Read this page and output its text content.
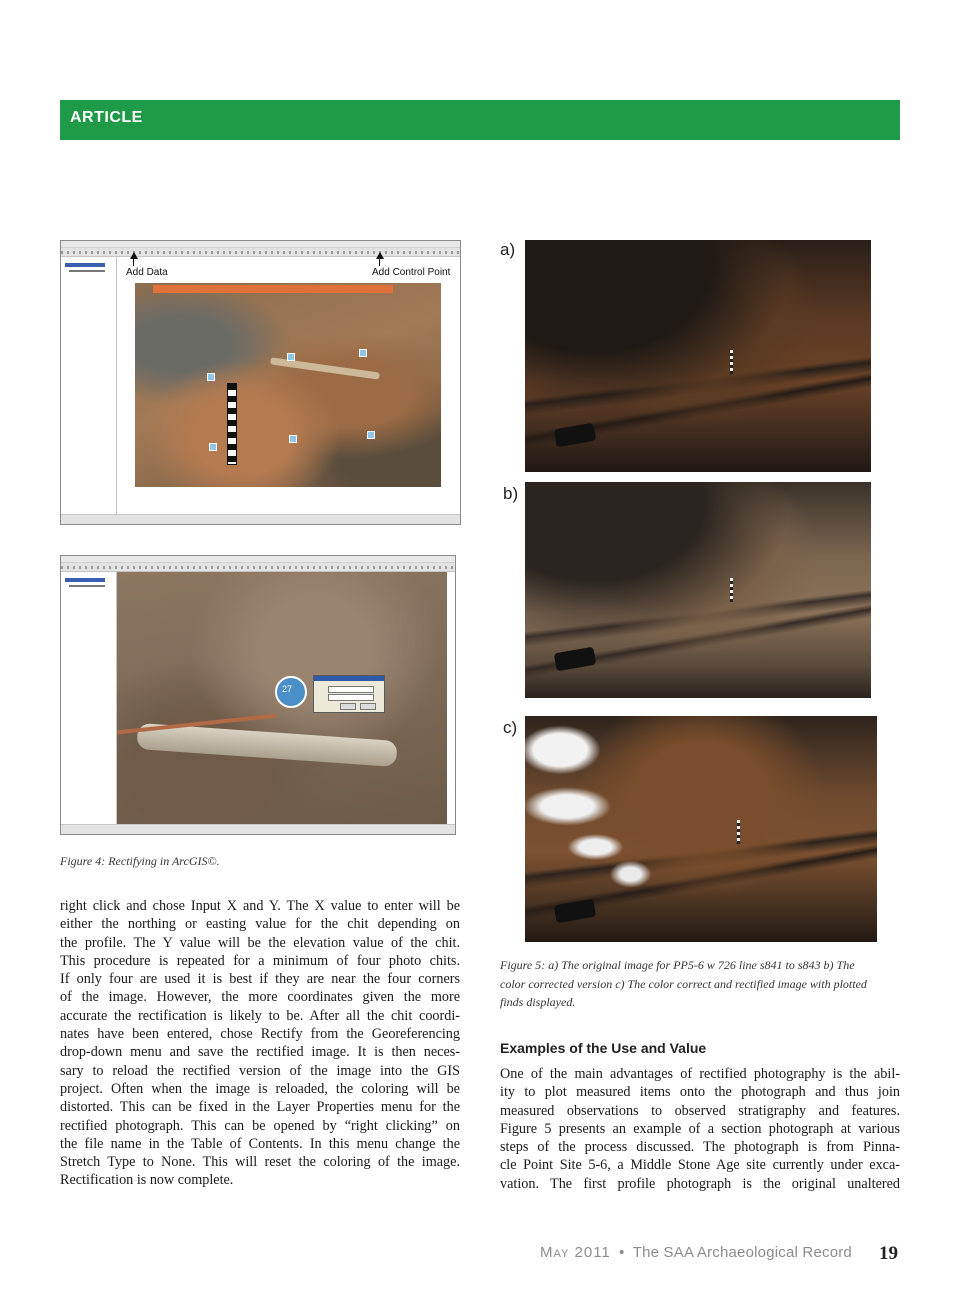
ARTICLE
Add Data	Add Control Point
27
Figure 4: Rectifying in ArcGIS©.
a)
b)
c)
Figure 5: a) The original image for PP5-6 w 726 line s841 to s843 b) The
color corrected version c) The color correct and rectified image with plotted
finds displayed.
right click and chose Input X and Y. The X value to enter will be
either the northing or easting value for the chit depending on
the profile. The Y value will be the elevation value of the chit.
This procedure is repeated for a minimum of four photo chits.
If only four are used it is best if they are near the four corners
of the image. However, the more coordinates given the more
accurate the rectification is likely to be. After all the chit coordi-
nates have been entered, chose Rectify from the Georeferencing
drop-down menu and save the rectified image. It is then neces-
sary to reload the rectified version of the image into the GIS
project. Often when the image is reloaded, the coloring will be
distorted. This can be fixed in the Layer Properties menu for the
rectified photograph. This can be opened by “right clicking” on
the file name in the Table of Contents. In this menu change the
Stretch Type to None. This will reset the coloring of the image.
Rectification is now complete.
Examples of the Use and Value
One of the main advantages of rectified photography is the abil-
ity to plot measured items onto the photograph and thus join
measured observations to observed stratigraphy and features.
Figure 5 presents an example of a section photograph at various
steps of the process discussed. The photograph is from Pinna-
cle Point Site 5-6, a Middle Stone Age site currently under exca-
vation. The first profile photograph is the original unaltered
May 2011 • The SAA Archaeological Record 19
